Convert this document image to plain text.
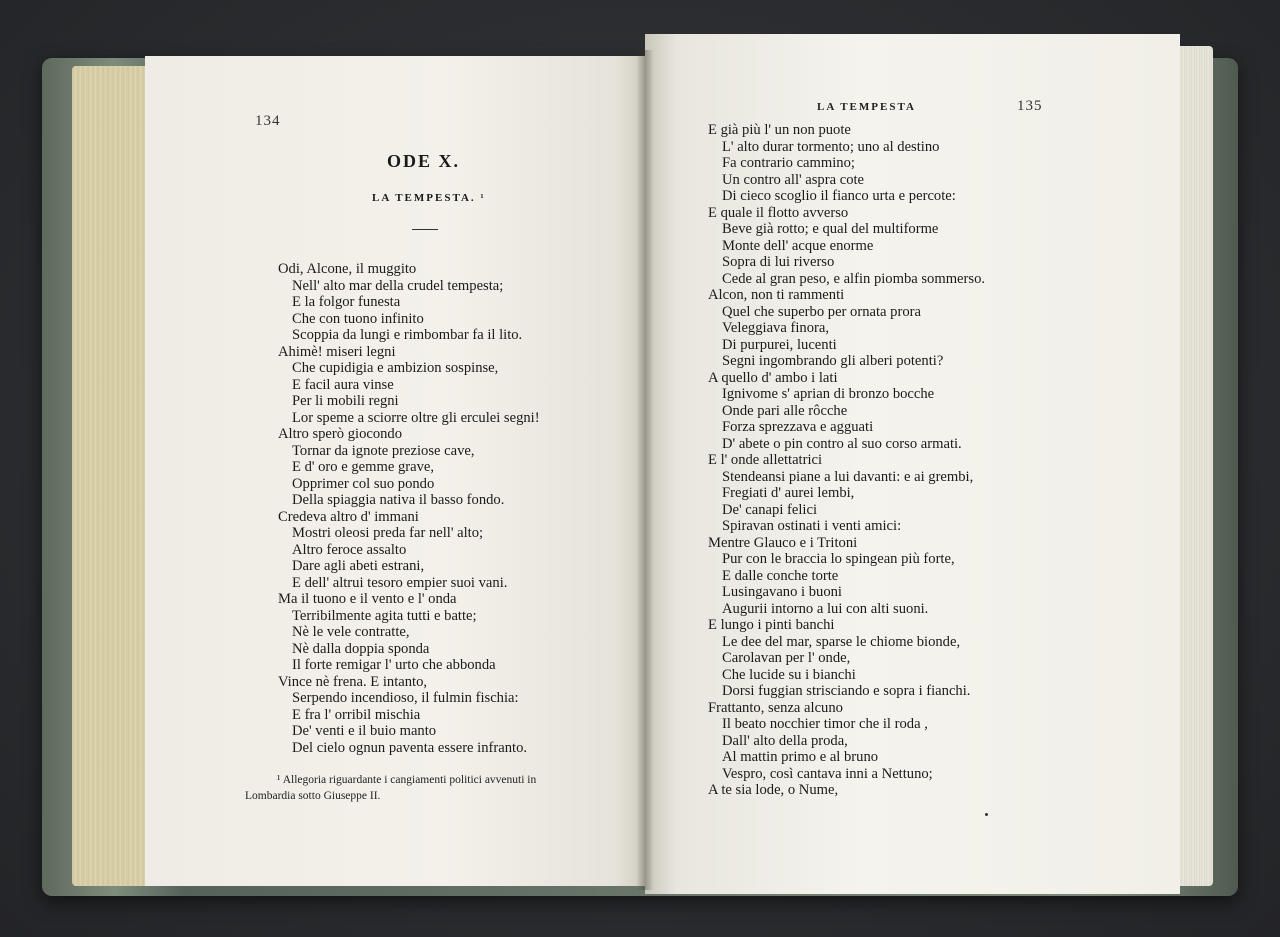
134
ODE X.
LA TEMPESTA. ¹
Odi, Alcone, il muggito
Nell' alto mar della crudel tempesta;
E la folgor funesta
Che con tuono infinito
Scoppia da lungi e rimbombar fa il lito.
Ahimè! miseri legni
Che cupidigia e ambizion sospinse,
E facil aura vinse
Per li mobili regni
Lor speme a sciorre oltre gli erculei segni!
Altro sperò giocondo
Tornar da ignote preziose cave,
E d' oro e gemme grave,
Opprimer col suo pondo
Della spiaggia nativa il basso fondo.
Credeva altro d' immani
Mostri oleosi preda far nell' alto;
Altro feroce assalto
Dare agli abeti estrani,
E dell' altrui tesoro empier suoi vani.
Ma il tuono e il vento e l' onda
Terribilmente agita tutti e batte;
Nè le vele contratte,
Nè dalla doppia sponda
Il forte remigar l' urto che abbonda
Vince nè frena. E intanto,
Serpendo incendioso, il fulmin fischia:
E fra l' orribil mischia
De' venti e il buio manto
Del cielo ognun paventa essere infranto.
¹ Allegoria riguardante i cangiamenti politici avvenuti in
Lombardia sotto Giuseppe II.
LA TEMPESTA	135
E già più l' un non puote
L' alto durar tormento; uno al destino
Fa contrario cammino;
Un contro all' aspra cote
Di cieco scoglio il fianco urta e percote:
E quale il flotto avverso
Beve già rotto; e qual del multiforme
Monte dell' acque enorme
Sopra di lui riverso
Cede al gran peso, e alfin piomba sommerso.
Alcon, non ti rammenti
Quel che superbo per ornata prora
Veleggiava finora,
Di purpurei, lucenti
Segni ingombrando gli alberi potenti?
A quello d' ambo i lati
Ignivome s' aprian di bronzo bocche
Onde pari alle rôcche
Forza sprezzava e agguati
D' abete o pin contro al suo corso armati.
E l' onde allettatrici
Stendeansi piane a lui davanti: e ai grembi,
Fregiati d' aurei lembi,
De' canapi felici
Spiravan ostinati i venti amici:
Mentre Glauco e i Tritoni
Pur con le braccia lo spingean più forte,
E dalle conche torte
Lusingavano i buoni
Augurii intorno a lui con alti suoni.
E lungo i pinti banchi
Le dee del mar, sparse le chiome bionde,
Carolavan per l' onde,
Che lucide su i bianchi
Dorsi fuggian strisciando e sopra i fianchi.
Frattanto, senza alcuno
Il beato nocchier timor che il roda ,
Dall' alto della proda,
Al mattin primo e al bruno
Vespro, così cantava inni a Nettuno;
A te sia lode, o Nume,
